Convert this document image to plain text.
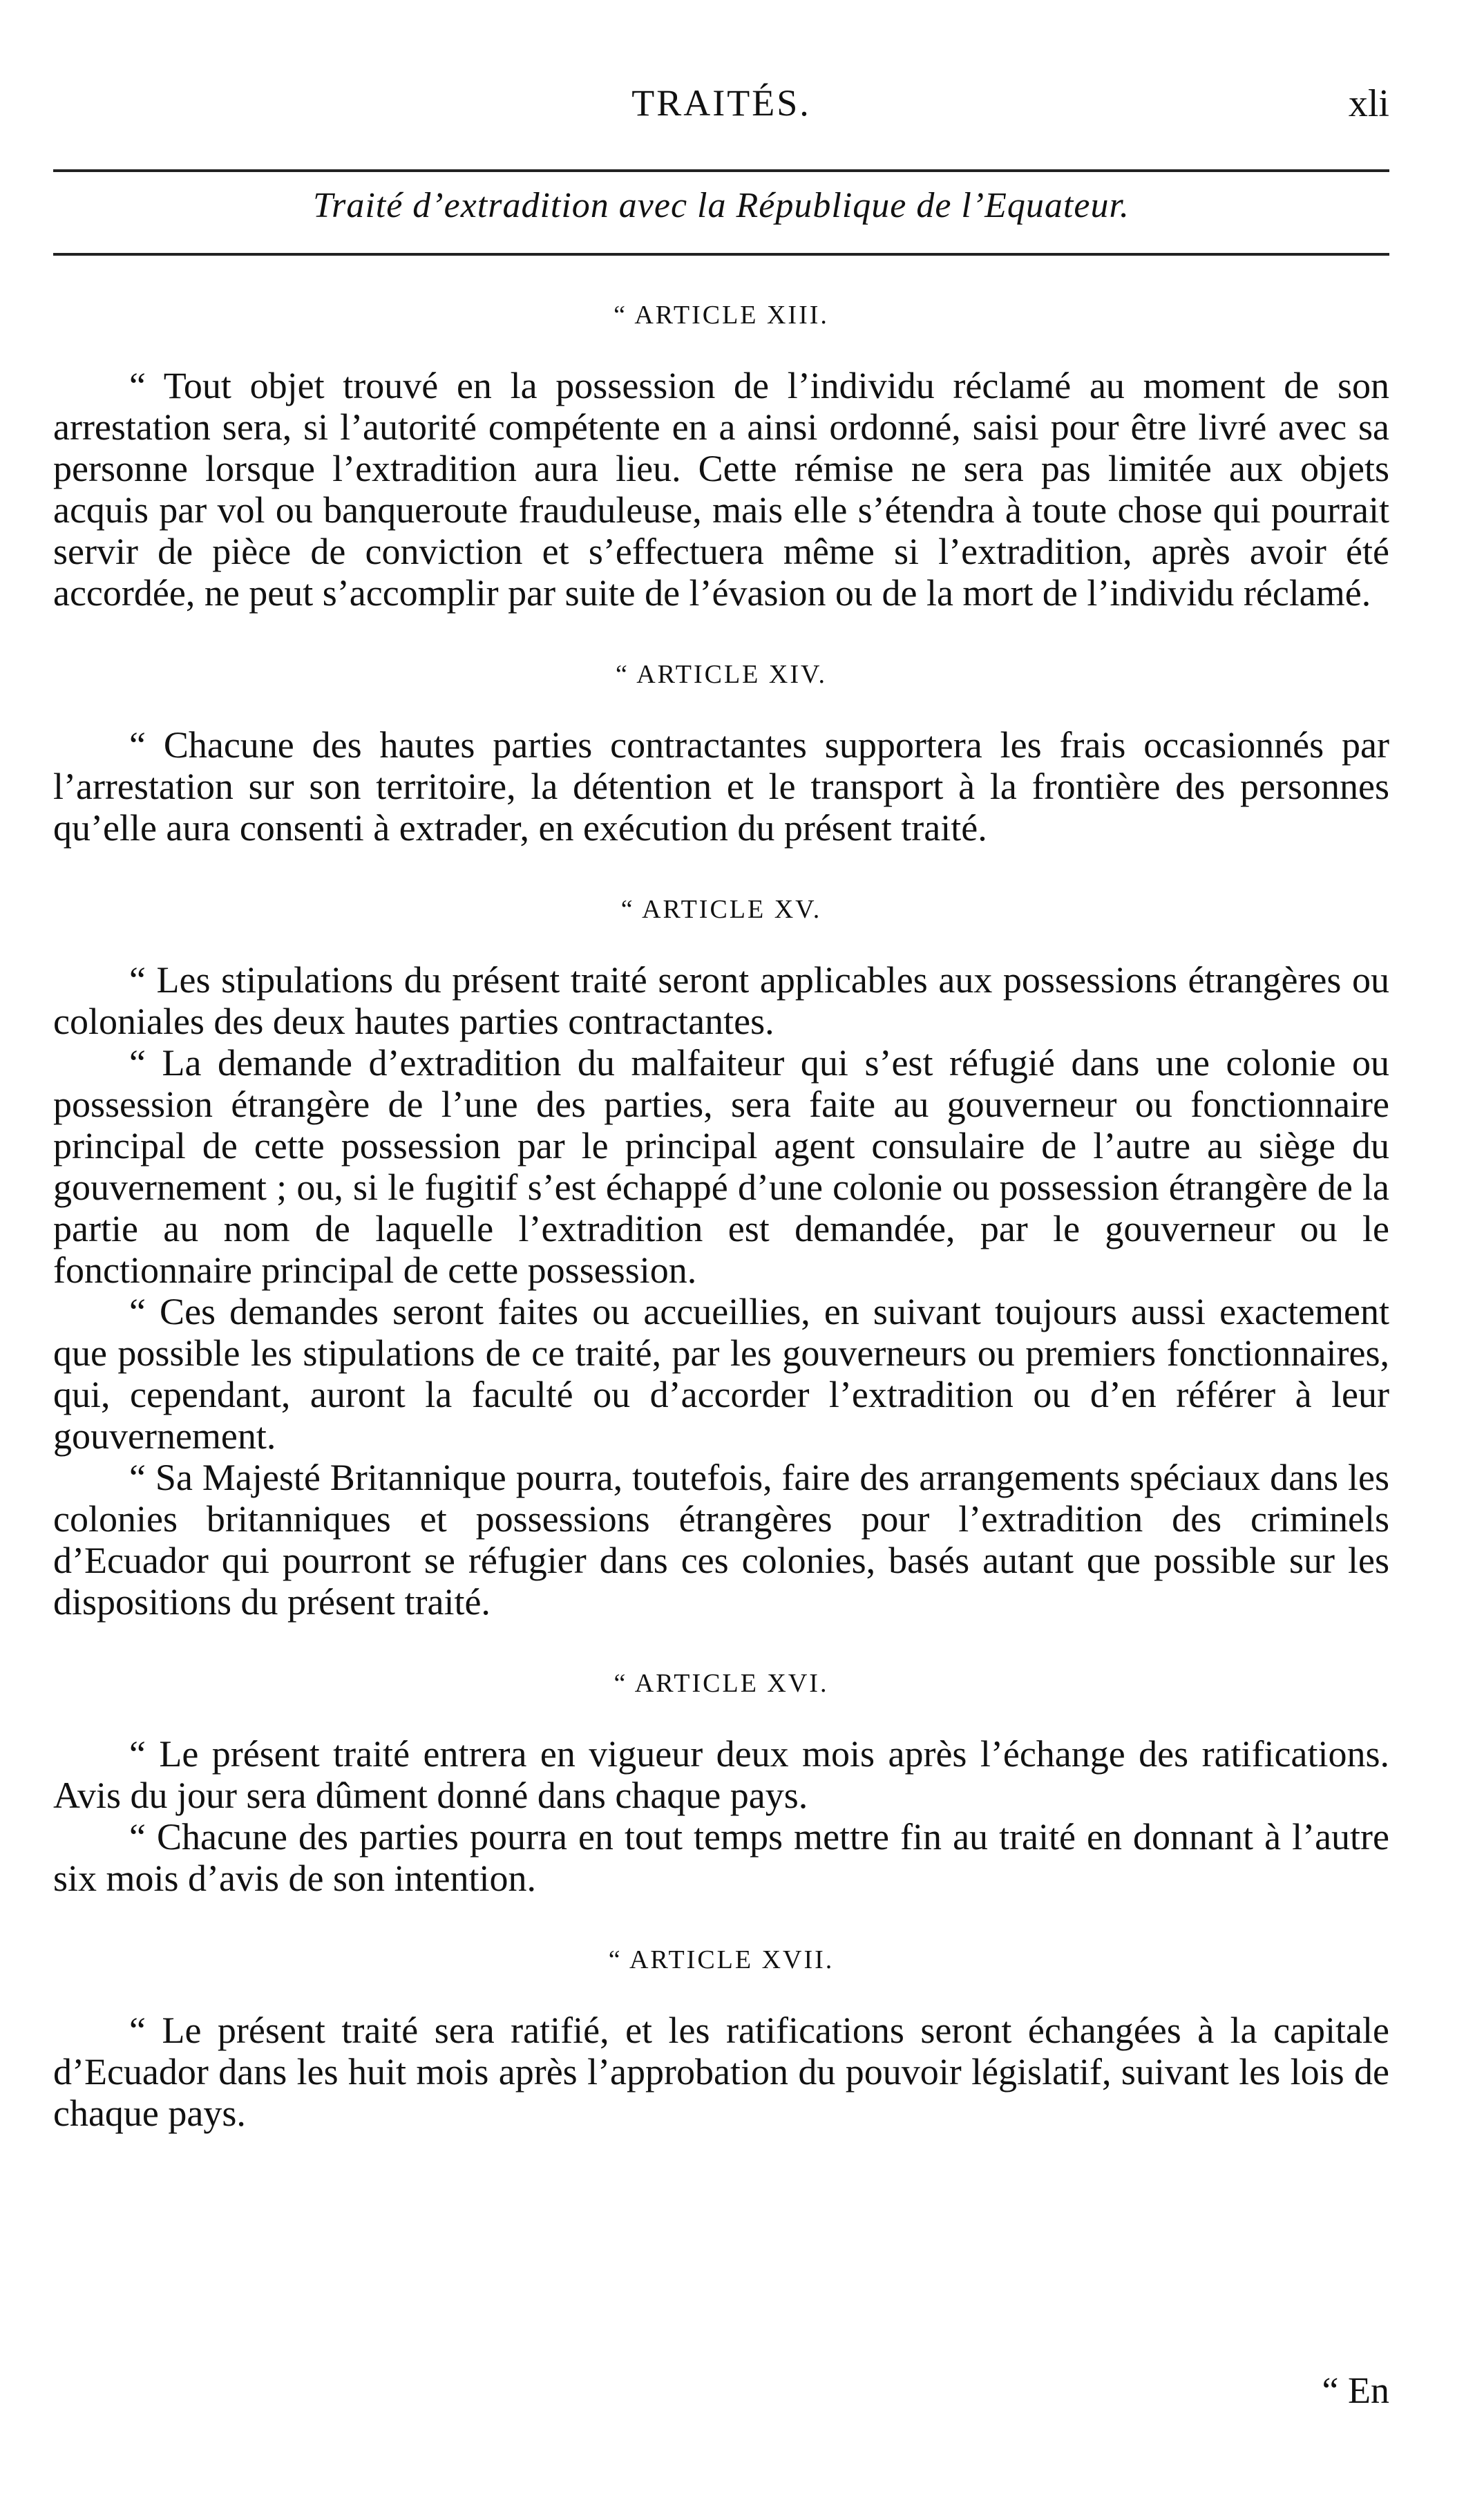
TRAITÉS.	xli
Traité d’extradition avec la République de l’Equateur.
“ ARTICLE XIII.

“ Tout objet trouvé en la possession de l’individu réclamé au moment de son arrestation sera, si l’autorité compétente en a ainsi ordonné, saisi pour être livré avec sa personne lorsque l’extradition aura lieu. Cette rémise ne sera pas limitée aux objets acquis par vol ou banqueroute frauduleuse, mais elle s’étendra à toute chose qui pourrait servir de pièce de conviction et s’effectuera même si l’extradition, après avoir été accordée, ne peut s’accomplir par suite de l’évasion ou de la mort de l’individu réclamé.

“ ARTICLE XIV.

“ Chacune des hautes parties contractantes supportera les frais occasionnés par l’arrestation sur son territoire, la détention et le transport à la frontière des personnes qu’elle aura consenti à extrader, en exécution du présent traité.

“ ARTICLE XV.

“ Les stipulations du présent traité seront applicables aux possessions étrangères ou coloniales des deux hautes parties contractantes.

“ La demande d’extradition du malfaiteur qui s’est réfugié dans une colonie ou possession étrangère de l’une des parties, sera faite au gouverneur ou fonctionnaire principal de cette possession par le principal agent consulaire de l’autre au siège du gouvernement ; ou, si le fugitif s’est échappé d’une colonie ou possession étrangère de la partie au nom de laquelle l’extradition est demandée, par le gouverneur ou le fonctionnaire principal de cette possession.

“ Ces demandes seront faites ou accueillies, en suivant toujours aussi exactement que possible les stipulations de ce traité, par les gouverneurs ou premiers fonctionnaires, qui, cependant, auront la faculté ou d’accorder l’extradition ou d’en référer à leur gouvernement.

“ Sa Majesté Britannique pourra, toutefois, faire des arrangements spéciaux dans les colonies britanniques et possessions étrangères pour l’extradition des criminels d’Ecuador qui pourront se réfugier dans ces colonies, basés autant que possible sur les dispositions du présent traité.

“ ARTICLE XVI.

“ Le présent traité entrera en vigueur deux mois après l’échange des ratifications. Avis du jour sera dûment donné dans chaque pays.

“ Chacune des parties pourra en tout temps mettre fin au traité en donnant à l’autre six mois d’avis de son intention.

“ ARTICLE XVII.

“ Le présent traité sera ratifié, et les ratifications seront échangées à la capitale d’Ecuador dans les huit mois après l’approbation du pouvoir législatif, suivant les lois de chaque pays.

“ En
